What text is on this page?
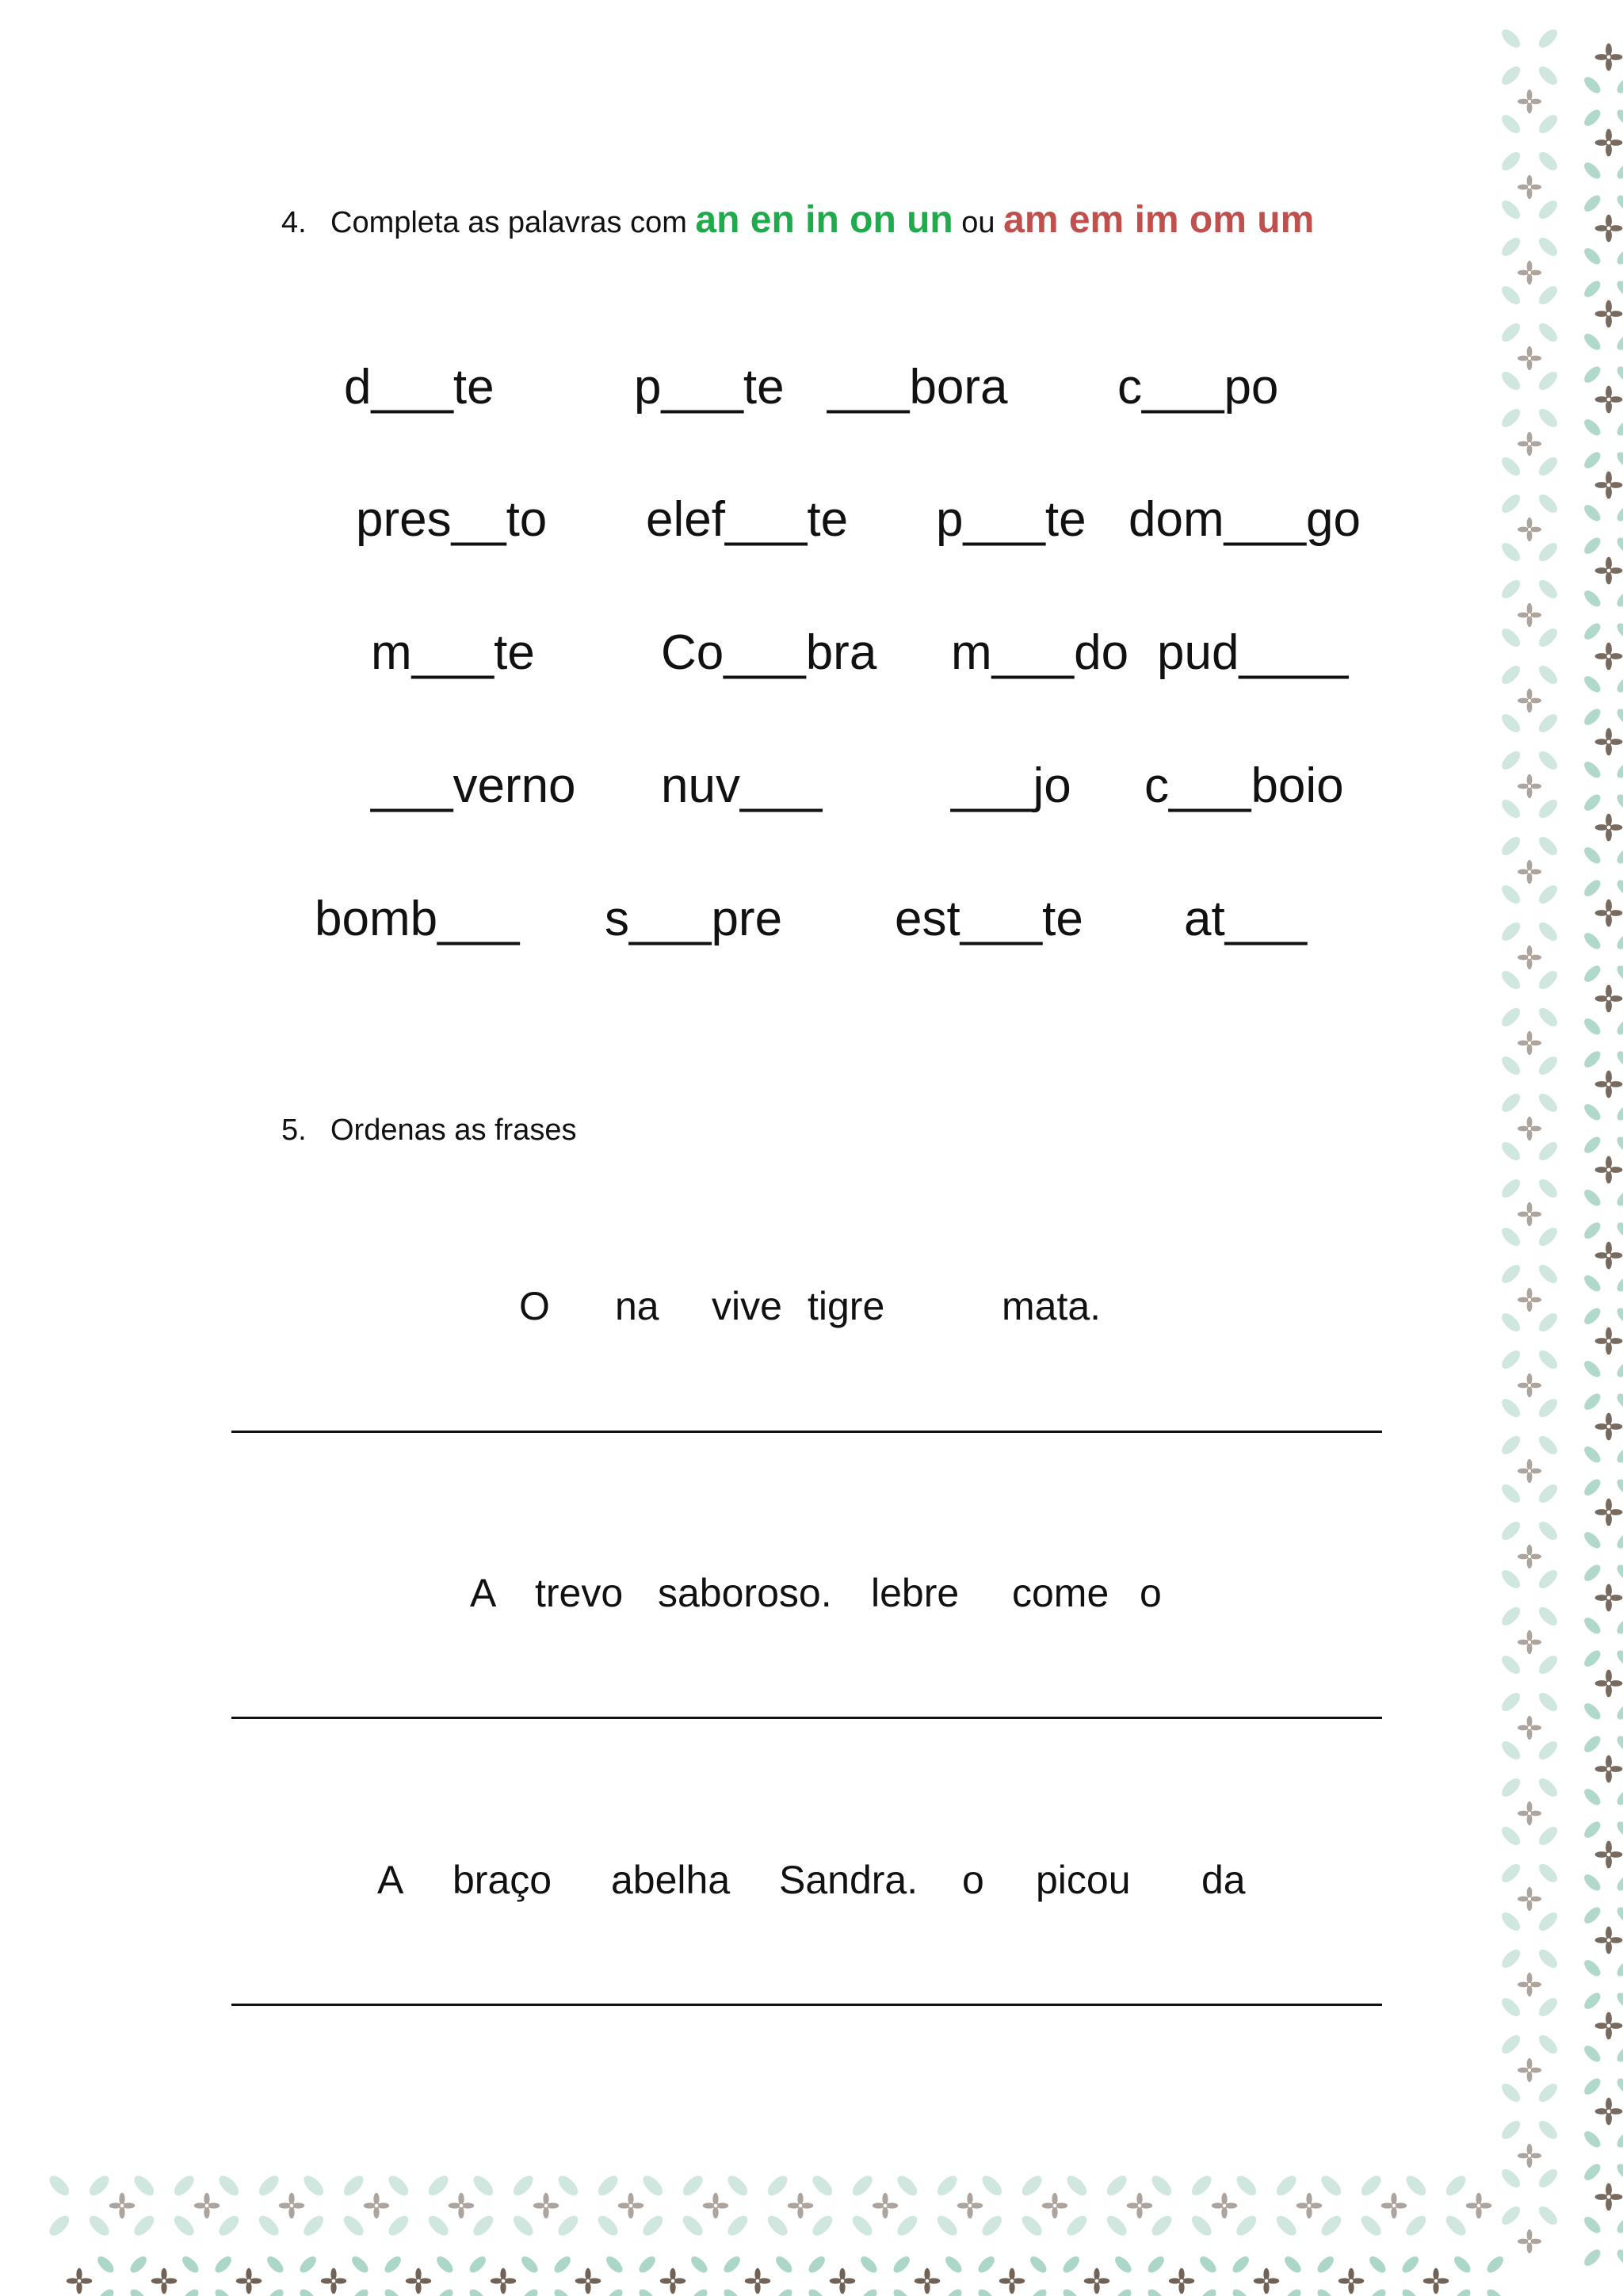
4. Completa as palavras com an en in on un ou am em im om um
d___te	p___te ___bora c___po
pres__to elef___te p___te dom___go
m___te	Co___bra m___do pud____
___verno nuv___	___jo c___boio
bomb___ s___pre est___te at___
5. Ordenas as frases
O na vive tigre	mata.
A trevo saboroso. lebre come o
A braço abelha Sandra. o picou da
